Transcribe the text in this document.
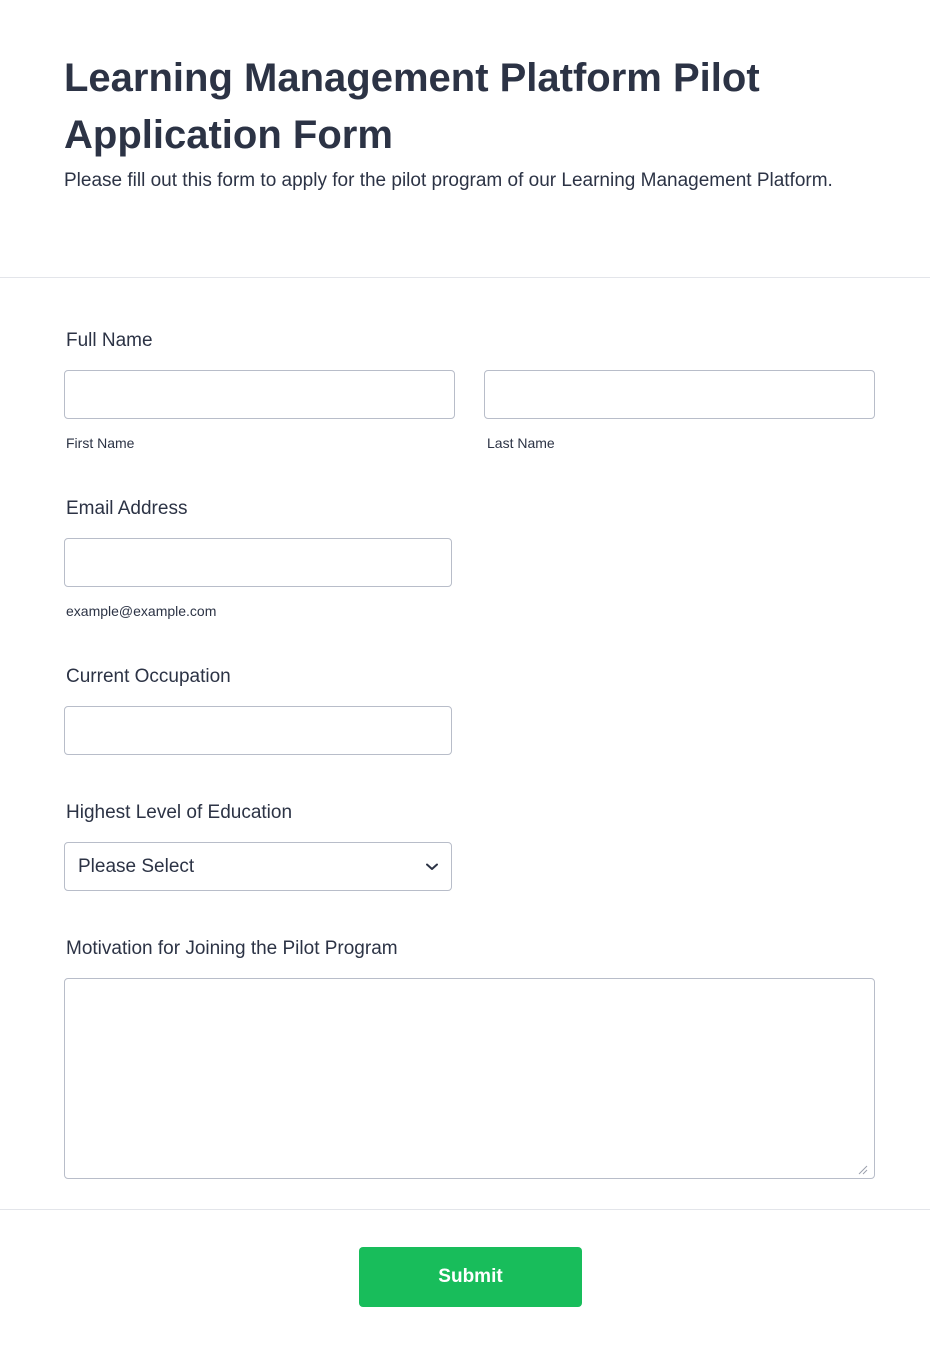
Learning Management Platform Pilot Application Form

Please fill out this form to apply for the pilot program of our Learning Management Platform.

Full Name
First Name	Last Name
Email Address
example@example.com
Current Occupation
Highest Level of Education
Please Select
Motivation for Joining the Pilot Program
Submit
